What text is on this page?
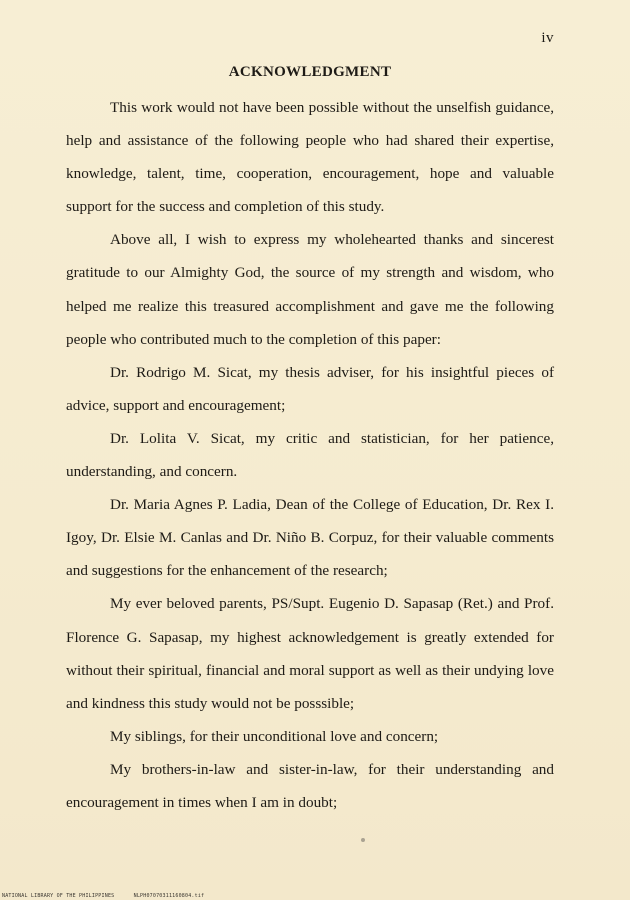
iv
ACKNOWLEDGMENT

This work would not have been possible without the unselfish guidance, help and assistance of the following people who had shared their expertise, knowledge, talent, time, cooperation, encouragement, hope and valuable support for the success and completion of this study.

Above all, I wish to express my wholehearted thanks and sincerest gratitude to our Almighty God, the source of my strength and wisdom, who helped me realize this treasured accomplishment and gave me the following people who contributed much to the completion of this paper:

Dr. Rodrigo M. Sicat, my thesis adviser, for his insightful pieces of advice, support and encouragement;

Dr. Lolita V. Sicat, my critic and statistician, for her patience, understanding, and concern.

Dr. Maria Agnes P. Ladia, Dean of the College of Education, Dr. Rex I. Igoy, Dr. Elsie M. Canlas and Dr. Niño B. Corpuz, for their valuable comments and suggestions for the enhancement of the research;

My ever beloved parents, PS/Supt. Eugenio D. Sapasap (Ret.) and Prof. Florence G. Sapasap, my highest acknowledgement is greatly extended for without their spiritual, financial and moral support as well as their undying love and kindness this study would not be posssible;

My siblings, for their unconditional love and concern;

My brothers-in-law and sister-in-law, for their understanding and encouragement in times when I am in doubt;

NATIONAL LIBRARY OF THE PHILIPPINES	NLPH07070311160804.tif
